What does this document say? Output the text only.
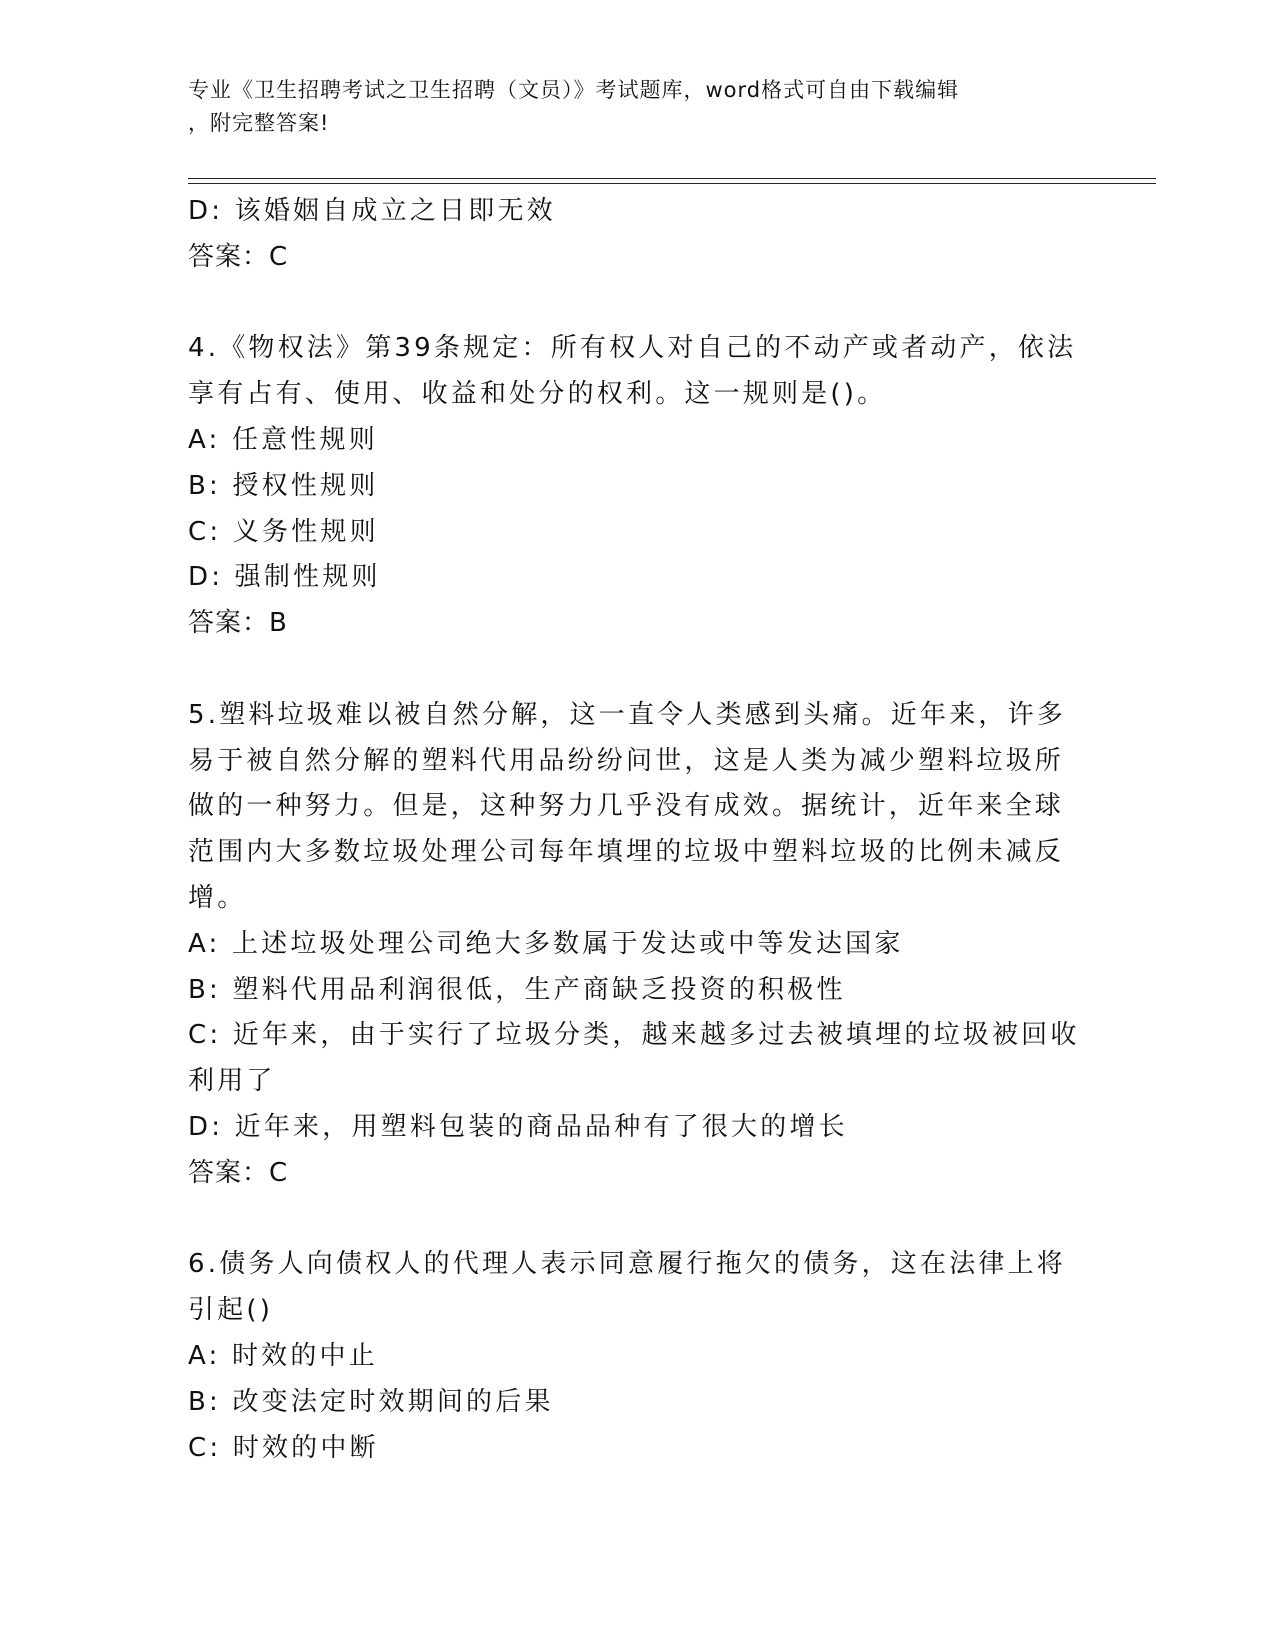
专业《卫生招聘考试之卫生招聘（文员）》考试题库，word格式可自由下载编辑
，附完整答案!
D: 该婚姻自成立之日即无效
答案：C
4.《物权法》第39条规定：所有权人对自己的不动产或者动产，依法
享有占有、使用、收益和处分的权利。这一规则是()。
A: 任意性规则
B: 授权性规则
C: 义务性规则
D: 强制性规则
答案：B
5.塑料垃圾难以被自然分解，这一直令人类感到头痛。近年来，许多
易于被自然分解的塑料代用品纷纷问世，这是人类为减少塑料垃圾所
做的一种努力。但是，这种努力几乎没有成效。据统计，近年来全球
范围内大多数垃圾处理公司每年填埋的垃圾中塑料垃圾的比例未减反
增。
A: 上述垃圾处理公司绝大多数属于发达或中等发达国家
B: 塑料代用品利润很低，生产商缺乏投资的积极性
C: 近年来，由于实行了垃圾分类，越来越多过去被填埋的垃圾被回收
利用了
D: 近年来，用塑料包装的商品品种有了很大的增长
答案：C
6.债务人向债权人的代理人表示同意履行拖欠的债务，这在法律上将
引起()
A: 时效的中止
B: 改变法定时效期间的后果
C: 时效的中断
